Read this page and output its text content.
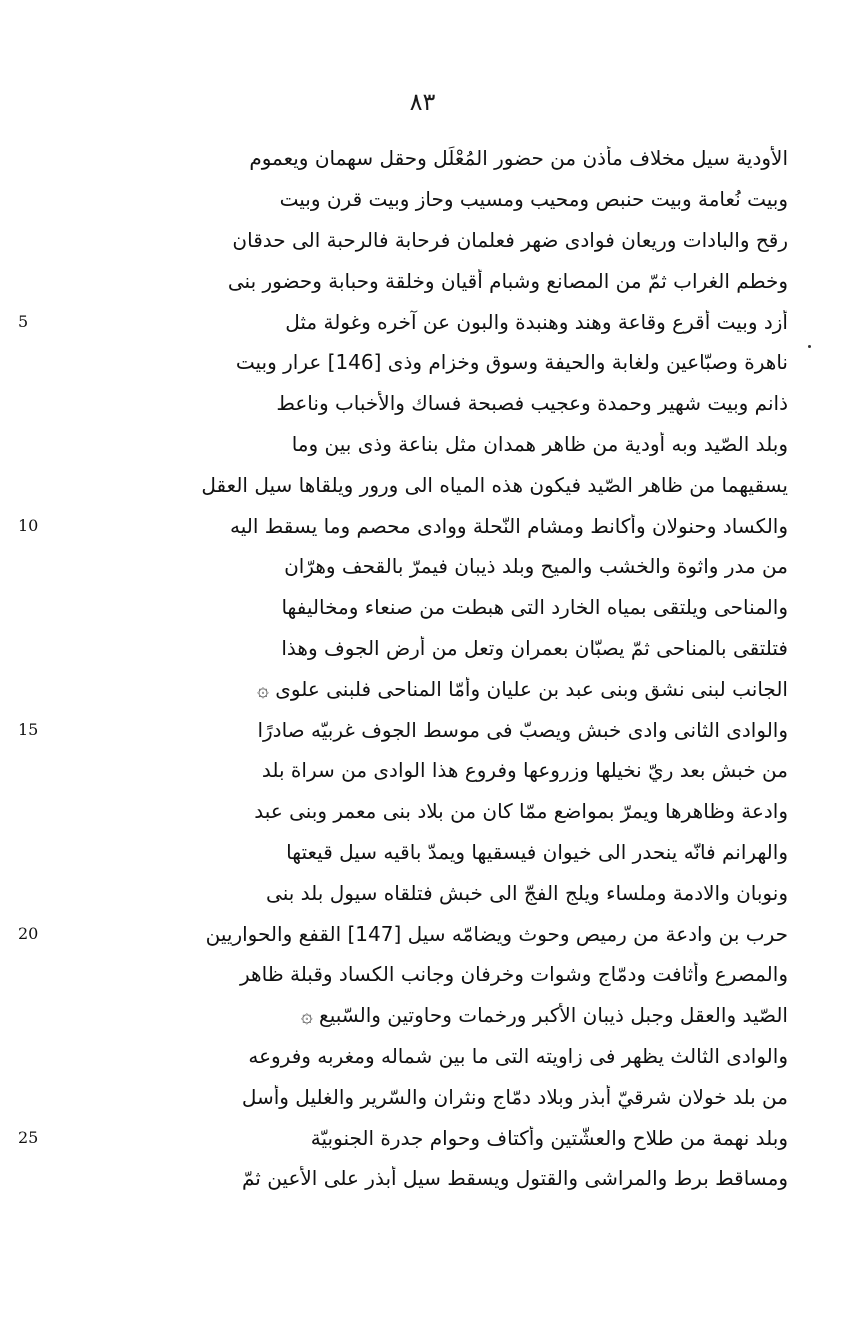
٨٣
الأودية سيل مخلاف مأذن من حضور المُعْلَل وحقل سهمان ويعموم
وبيت نُعامة وبيت حنبص ومحيب ومسيب وحاز وبيت قرن وبيت
رقح والبادات وريعان فوادى ضهر فعلمان فرحابة فالرحبة الى حدقان
وخطم الغراب ثمّ من المصانع وشبام أقيان وخلقة وحبابة وحضور بنى
5	أزد وبيت أقرع وقاعة وهند وهنبدة والبون عن آخره وغولة مثل
ناهرة وصبّاعين ولغابة والحيفة وسوق وخزام وذى [146] عرار وبيت
ذانم وبيت شهير وحمدة وعجيب فصبحة فساك والأخباب وناعط
وبلد الصّيد وبه أودية من ظاهر همدان مثل بناعة وذى بين وما
يسقيهما من ظاهر الصّيد فيكون هذه المياه الى ورور ويلقاها سيل العقل
10	والكساد وحنولان وأكانط ومشام النّحلة ووادى محصم وما يسقط اليه
من مدر واثوة والخشب والميح وبلد ذيبان فيمرّ بالقحف وهرّان
والمناحى ويلتقى بمياه الخارد التى هبطت من صنعاء ومخاليفها
فتلتقى بالمناحى ثمّ يصبّان بعمران وتعل من أرض الجوف وهذا
الجانب لبنى نشق وبنى عبد بن عليان وأمّا المناحى فلبنى علوى ۞
15	والوادى الثانى وادى خبش ويصبّ فى موسط الجوف غربيّه صادرًا
من خبش بعد ريّ نخيلها وزروعها وفروع هذا الوادى من سراة بلد
وادعة وظاهرها ويمرّ بمواضع ممّا كان من بلاد بنى معمر وبنى عبد
والهرانم فانّه ينحدر الى خيوان فيسقيها ويمدّ باقيه سيل قيعتها
ونوبان والادمة وملساء ويلج الفجّ الى خبش فتلقاه سيول بلد بنى
20	حرب بن وادعة من رميص وحوث ويضامّه سيل [147] القفع والحواريين
والمصرع وأثافت ودمّاج وشوات وخرفان وجانب الكساد وقبلة ظاهر
الصّيد والعقل وجبل ذيبان الأكبر ورخمات وحاوتين والسّبيع ۞
والوادى الثالث يظهر فى زاويته التى ما بين شماله ومغربه وفروعه
من بلد خولان شرقيّ أبذر وبلاد دمّاج ونثران والسّرير والغليل وأسل
25	وبلد نهمة من طلاح والعشّتين وأكتاف وحوام جدرة الجنوبيّة
ومساقط برط والمراشى والقتول ويسقط سيل أبذر على الأعين ثمّ
